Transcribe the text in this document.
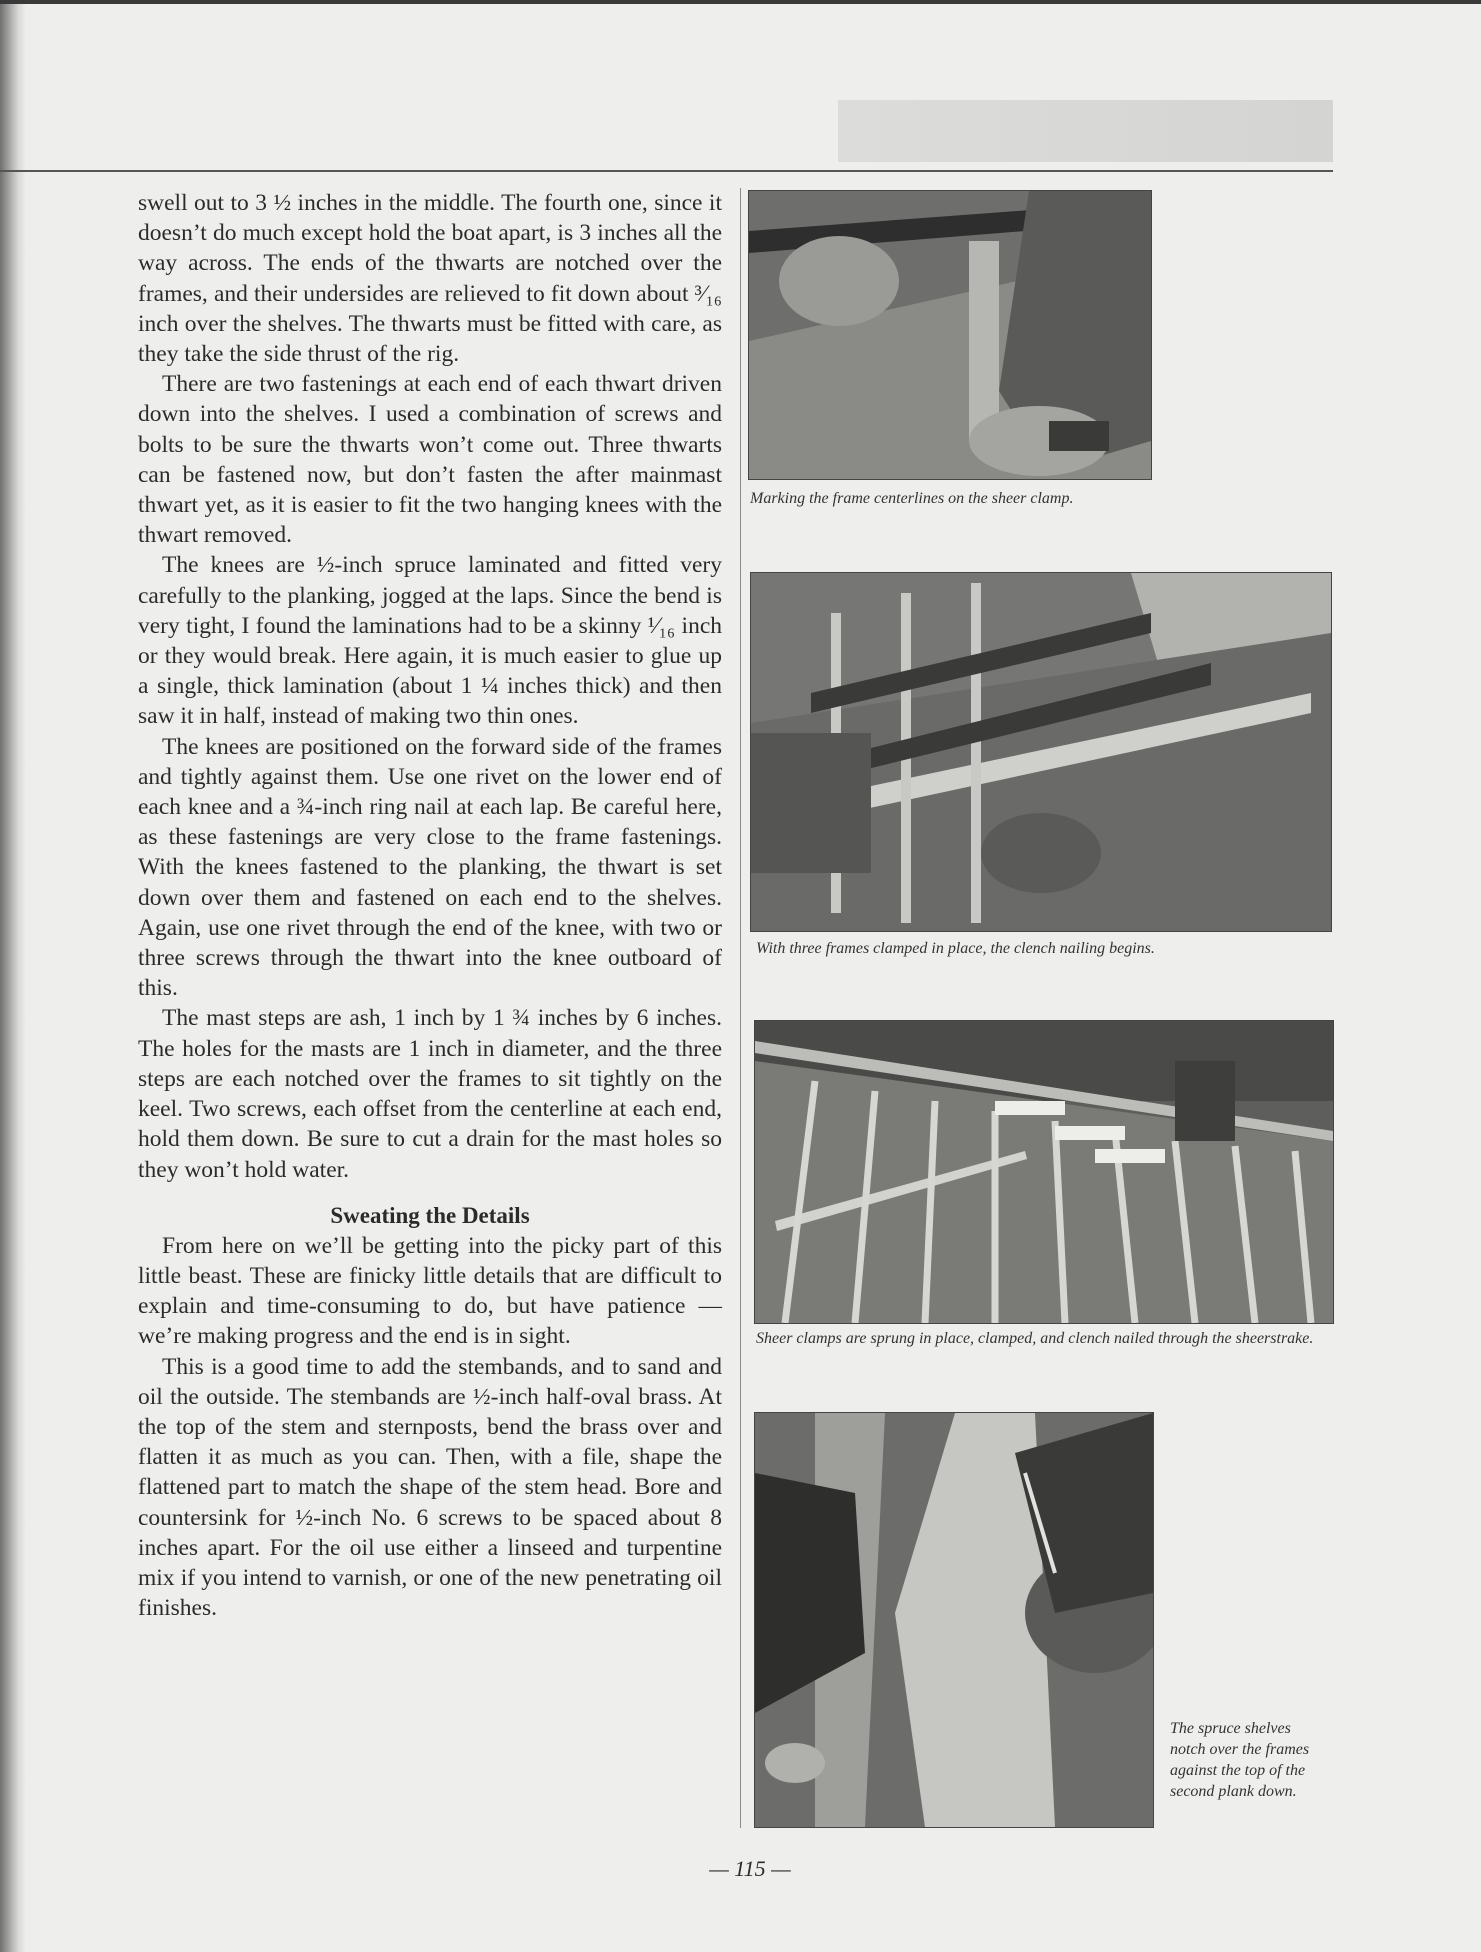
swell out to 3 ½ inches in the middle. The fourth one, since it doesn’t do much except hold the boat apart, is 3 inches all the way across. The ends of the thwarts are notched over the frames, and their undersides are relieved to fit down about ³⁄₁₆ inch over the shelves. The thwarts must be fitted with care, as they take the side thrust of the rig.

There are two fastenings at each end of each thwart driven down into the shelves. I used a combination of screws and bolts to be sure the thwarts won’t come out. Three thwarts can be fastened now, but don’t fasten the after mainmast thwart yet, as it is easier to fit the two hanging knees with the thwart removed.

The knees are ½-inch spruce laminated and fitted very carefully to the planking, jogged at the laps. Since the bend is very tight, I found the laminations had to be a skinny ¹⁄₁₆ inch or they would break. Here again, it is much easier to glue up a single, thick lamination (about 1 ¼ inches thick) and then saw it in half, instead of making two thin ones.

The knees are positioned on the forward side of the frames and tightly against them. Use one rivet on the lower end of each knee and a ¾-inch ring nail at each lap. Be careful here, as these fastenings are very close to the frame fastenings. With the knees fastened to the planking, the thwart is set down over them and fastened on each end to the shelves. Again, use one rivet through the end of the knee, with two or three screws through the thwart into the knee outboard of this.

The mast steps are ash, 1 inch by 1 ¾ inches by 6 inches. The holes for the masts are 1 inch in diameter, and the three steps are each notched over the frames to sit tightly on the keel. Two screws, each offset from the centerline at each end, hold them down. Be sure to cut a drain for the mast holes so they won’t hold water.

Sweating the Details

From here on we’ll be getting into the picky part of this little beast. These are finicky little details that are difficult to explain and time-consuming to do, but have patience — we’re making progress and the end is in sight.

This is a good time to add the stembands, and to sand and oil the outside. The stembands are ½-inch half-oval brass. At the top of the stem and sternposts, bend the brass over and flatten it as much as you can. Then, with a file, shape the flattened part to match the shape of the stem head. Bore and countersink for ½-inch No. 6 screws to be spaced about 8 inches apart. For the oil use either a linseed and turpentine mix if you intend to varnish, or one of the new penetrating oil finishes.

Marking the frame centerlines on the sheer clamp.
With three frames clamped in place, the clench nailing begins.
Sheer clamps are sprung in place, clamped, and clench nailed through the sheerstrake.
The spruce shelves notch over the frames against the top of the second plank down.
— 115 —
